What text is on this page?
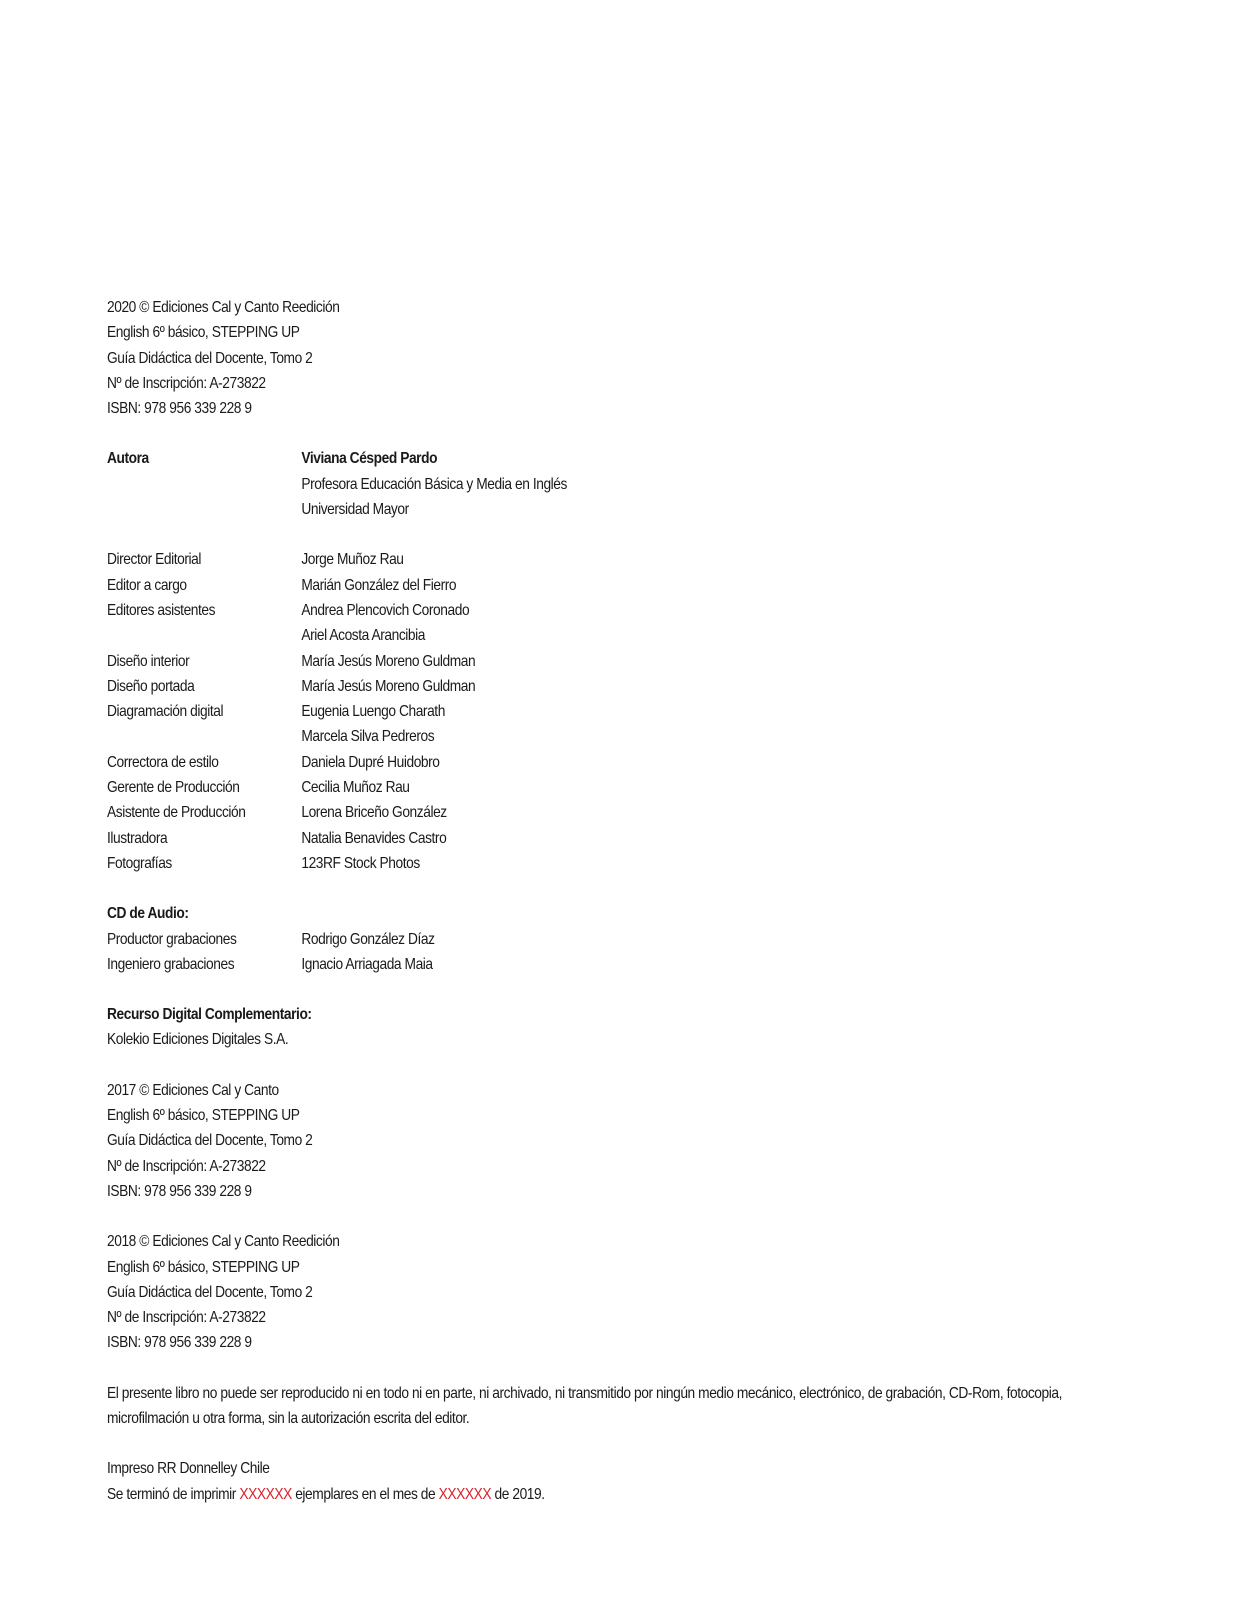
2020 © Ediciones Cal y Canto Reedición
English 6º básico, STEPPING UP
Guía Didáctica del Docente, Tomo 2
Nº de Inscripción: A-273822
ISBN: 978 956 339 228 9
Autora	Viviana Césped Pardo
Profesora Educación Básica y Media en Inglés
Universidad Mayor
Director Editorial	Jorge Muñoz Rau
Editor a cargo	Marián González del Fierro
Editores asistentes	Andrea Plencovich Coronado
Ariel Acosta Arancibia
Diseño interior	María Jesús Moreno Guldman
Diseño portada	María Jesús Moreno Guldman
Diagramación digital	Eugenia Luengo Charath
Marcela Silva Pedreros
Correctora de estilo	Daniela Dupré Huidobro
Gerente de Producción	Cecilia Muñoz Rau
Asistente de Producción	Lorena Briceño González
Ilustradora	Natalia Benavides Castro
Fotografías	123RF Stock Photos
CD de Audio:
Productor grabaciones	Rodrigo González Díaz
Ingeniero grabaciones	Ignacio Arriagada Maia
Recurso Digital Complementario:
Kolekio Ediciones Digitales S.A.
2017 © Ediciones Cal y Canto
English 6º básico, STEPPING UP
Guía Didáctica del Docente, Tomo 2
Nº de Inscripción: A-273822
ISBN: 978 956 339 228 9
2018 © Ediciones Cal y Canto Reedición
English 6º básico, STEPPING UP
Guía Didáctica del Docente, Tomo 2
Nº de Inscripción: A-273822
ISBN: 978 956 339 228 9
El presente libro no puede ser reproducido ni en todo ni en parte, ni archivado, ni transmitido por ningún medio mecánico, electrónico, de grabación, CD-Rom, fotocopia, microfilmación u otra forma, sin la autorización escrita del editor.
Impreso RR Donnelley Chile
Se terminó de imprimir XXXXXX ejemplares en el mes de XXXXXX de 2019.
